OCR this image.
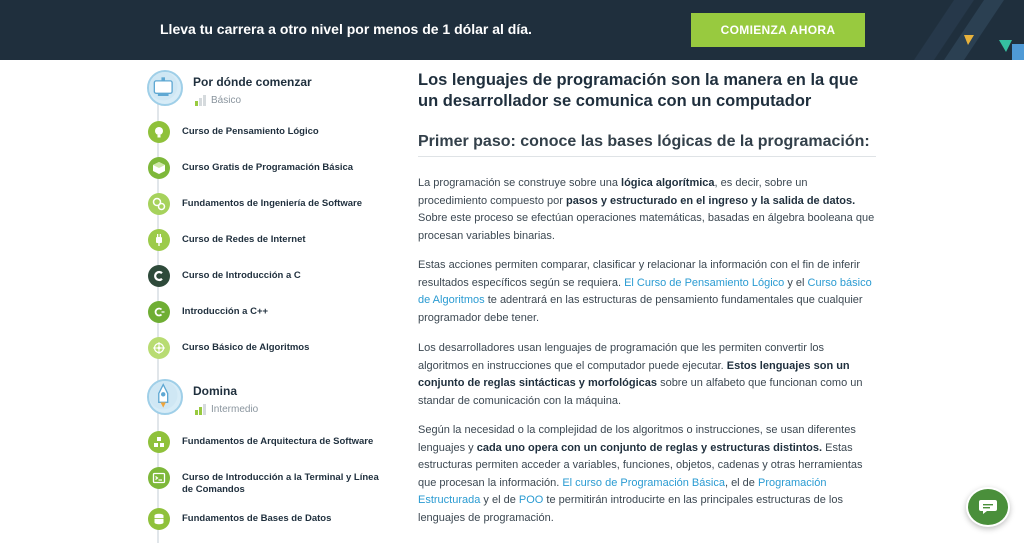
Lleva tu carrera a otro nivel por menos de 1 dólar al día.	COMIENZA AHORA
Por dónde comenzar
Básico
Curso de Pensamiento Lógico
Curso Gratis de Programación Básica
Fundamentos de Ingeniería de Software
Curso de Redes de Internet
Curso de Introducción a C
Introducción a C++
Curso Básico de Algoritmos
Domina
Intermedio
Fundamentos de Arquitectura de Software
Curso de Introducción a la Terminal y Línea de Comandos
Fundamentos de Bases de Datos
Los lenguajes de programación son la manera en la que un desarrollador se comunica con un computador
Primer paso: conoce las bases lógicas de la programación:

La programación se construye sobre una lógica algorítmica, es decir, sobre un procedimiento compuesto por pasos y estructurado en el ingreso y la salida de datos. Sobre este proceso se efectúan operaciones matemáticas, basadas en álgebra booleana que procesan variables binarias.

Estas acciones permiten comparar, clasificar y relacionar la información con el fin de inferir resultados específicos según se requiera. El Curso de Pensamiento Lógico y el Curso básico de Algoritmos te adentrará en las estructuras de pensamiento fundamentales que cualquier programador debe tener.

Los desarrolladores usan lenguajes de programación que les permiten convertir los algoritmos en instrucciones que el computador puede ejecutar. Estos lenguajes son un conjunto de reglas sintácticas y morfológicas sobre un alfabeto que funcionan como un standar de comunicación con la máquina.

Según la necesidad o la complejidad de los algoritmos o instrucciones, se usan diferentes lenguajes y cada uno opera con un conjunto de reglas y estructuras distintos. Estas estructuras permiten acceder a variables, funciones, objetos, cadenas y otras herramientas que procesan la información. El curso de Programación Básica, el de Programación Estructurada y el de POO te permitirán introducirte en las principales estructuras de los lenguajes de programación.
